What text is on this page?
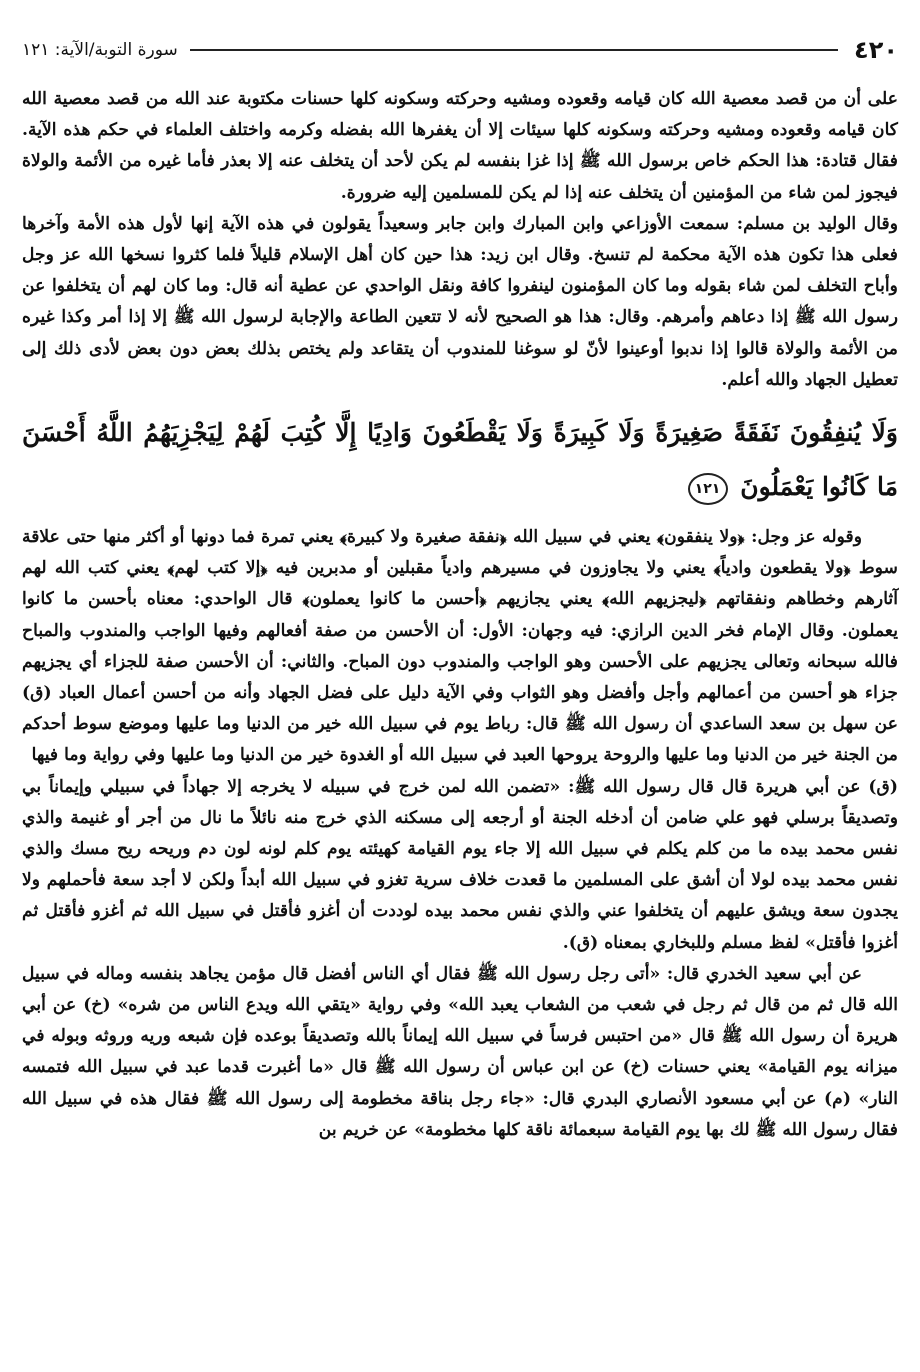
٤٢٠
سورة التوبة/الآية: ١٢١

على أن من قصد معصية الله كان قيامه وقعوده ومشيه وحركته وسكونه كلها حسنات مكتوبة عند الله من قصد معصية الله كان قيامه وقعوده ومشيه وحركته وسكونه كلها سيئات إلا أن يغفرها الله بفضله وكرمه واختلف العلماء في حكم هذه الآية. فقال قتادة: هذا الحكم خاص برسول الله ﷺ إذا غزا بنفسه لم يكن لأحد أن يتخلف عنه إلا بعذر فأما غيره من الأئمة والولاة فيجوز لمن شاء من المؤمنين أن يتخلف عنه إذا لم يكن للمسلمين إليه ضرورة.

وقال الوليد بن مسلم: سمعت الأوزاعي وابن المبارك وابن جابر وسعيداً يقولون في هذه الآية إنها لأول هذه الأمة وآخرها فعلى هذا تكون هذه الآية محكمة لم تنسخ. وقال ابن زيد: هذا حين كان أهل الإسلام قليلاً فلما كثروا نسخها الله عز وجل وأباح التخلف لمن شاء بقوله وما كان المؤمنون لينفروا كافة ونقل الواحدي عن عطية أنه قال: وما كان لهم أن يتخلفوا عن رسول الله ﷺ إذا دعاهم وأمرهم. وقال: هذا هو الصحيح لأنه لا تتعين الطاعة والإجابة لرسول الله ﷺ إلا إذا أمر وكذا غيره من الأئمة والولاة قالوا إذا ندبوا أوعينوا لأنّ لو سوغنا للمندوب أن يتقاعد ولم يختص بذلك بعض دون بعض لأدى ذلك إلى تعطيل الجهاد والله أعلم.

وَلَا يُنفِقُونَ نَفَقَةً صَغِيرَةً وَلَا كَبِيرَةً وَلَا يَقْطَعُونَ وَادِيًا إِلَّا كُتِبَ لَهُمْ لِيَجْزِيَهُمُ اللَّهُ أَحْسَنَ مَا كَانُوا يَعْمَلُونَ ١٢١

وقوله عز وجل: ﴿ولا ينفقون﴾ يعني في سبيل الله ﴿نفقة صغيرة ولا كبيرة﴾ يعني تمرة فما دونها أو أكثر منها حتى علاقة سوط ﴿ولا يقطعون وادياً﴾ يعني ولا يجاوزون في مسيرهم وادياً مقبلين أو مدبرين فيه ﴿إلا كتب لهم﴾ يعني كتب الله لهم آثارهم وخطاهم ونفقاتهم ﴿ليجزيهم الله﴾ يعني يجازيهم ﴿أحسن ما كانوا يعملون﴾ قال الواحدي: معناه بأحسن ما كانوا يعملون. وقال الإمام فخر الدين الرازي: فيه وجهان: الأول: أن الأحسن من صفة أفعالهم وفيها الواجب والمندوب والمباح فالله سبحانه وتعالى يجزيهم على الأحسن وهو الواجب والمندوب دون المباح. والثاني: أن الأحسن صفة للجزاء أي يجزيهم جزاء هو أحسن من أعمالهم وأجل وأفضل وهو الثواب وفي الآية دليل على فضل الجهاد وأنه من أحسن أعمال العباد (ق) عن سهل بن سعد الساعدي أن رسول الله ﷺ قال: رباط يوم في سبيل الله خير من الدنيا وما عليها وموضع سوط أحدكم من الجنة خير من الدنيا وما عليها والروحة يروحها العبد في سبيل الله أو الغدوة خير من الدنيا وما عليها وفي رواية وما فيها

(ق) عن أبي هريرة قال قال رسول الله ﷺ: «تضمن الله لمن خرج في سبيله لا يخرجه إلا جهاداً في سبيلي وإيماناً بي وتصديقاً برسلي فهو علي ضامن أن أدخله الجنة أو أرجعه إلى مسكنه الذي خرج منه نائلاً ما نال من أجر أو غنيمة والذي نفس محمد بيده ما من كلم يكلم في سبيل الله إلا جاء يوم القيامة كهيئته يوم كلم لونه لون دم وريحه ريح مسك والذي نفس محمد بيده لولا أن أشق على المسلمين ما قعدت خلاف سرية تغزو في سبيل الله أبداً ولكن لا أجد سعة فأحملهم ولا يجدون سعة ويشق عليهم أن يتخلفوا عني والذي نفس محمد بيده لوددت أن أغزو فأقتل في سبيل الله ثم أغزو فأقتل ثم أغزوا فأقتل» لفظ مسلم وللبخاري بمعناه (ق).

عن أبي سعيد الخدري قال: «أتى رجل رسول الله ﷺ فقال أي الناس أفضل قال مؤمن يجاهد بنفسه وماله في سبيل الله قال ثم من قال ثم رجل في شعب من الشعاب يعبد الله» وفي رواية «يتقي الله ويدع الناس من شره» (خ) عن أبي هريرة أن رسول الله ﷺ قال «من احتبس فرساً في سبيل الله إيماناً بالله وتصديقاً بوعده فإن شبعه وريه وروثه وبوله في ميزانه يوم القيامة» يعني حسنات (خ) عن ابن عباس أن رسول الله ﷺ قال «ما أغبرت قدما عبد في سبيل الله فتمسه النار» (م) عن أبي مسعود الأنصاري البدري قال: «جاء رجل بناقة مخطومة إلى رسول الله ﷺ فقال هذه في سبيل الله فقال رسول الله ﷺ لك بها يوم القيامة سبعمائة ناقة كلها مخطومة» عن خريم بن
